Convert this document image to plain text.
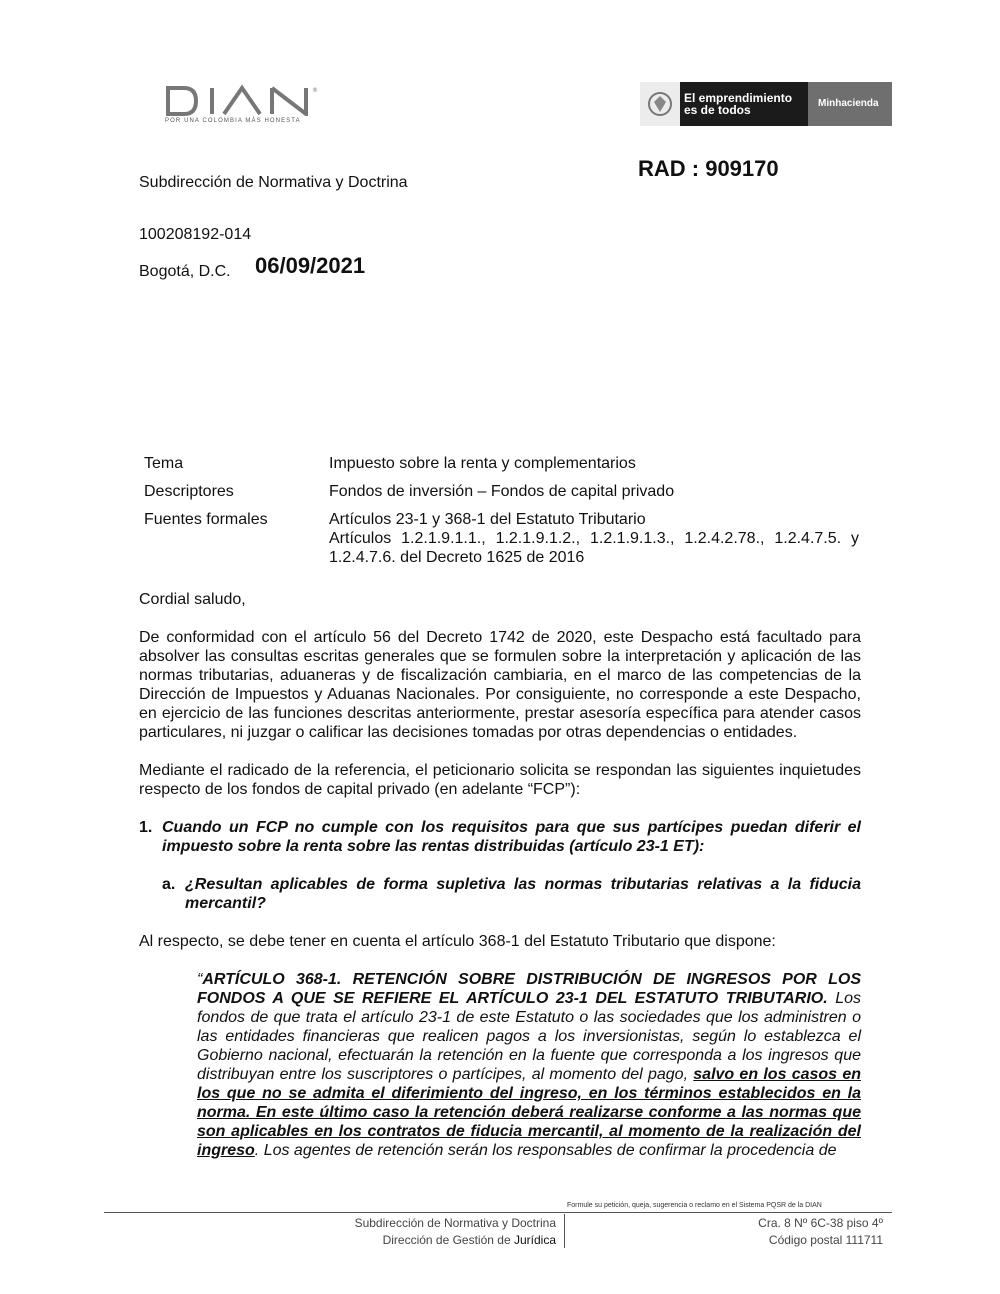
®
POR UNA COLOMBIA MÁS HONESTA
El emprendimiento
es de todos	Minhacienda
RAD : 909170
Subdirección de Normativa y Doctrina
100208192-014
Bogotá, D.C. 06/09/2021
Tema	Impuesto sobre la renta y complementarios
Descriptores	Fondos de inversión – Fondos de capital privado
Fuentes formales	Artículos 23-1 y 368-1 del Estatuto Tributario
Artículos 1.2.1.9.1.1., 1.2.1.9.1.2., 1.2.1.9.1.3., 1.2.4.2.78., 1.2.4.7.5. y 1.2.4.7.6. del Decreto 1625 de 2016

Cordial saludo,

De conformidad con el artículo 56 del Decreto 1742 de 2020, este Despacho está facultado para absolver las consultas escritas generales que se formulen sobre la interpretación y aplicación de las normas tributarias, aduaneras y de fiscalización cambiaria, en el marco de las competencias de la Dirección de Impuestos y Aduanas Nacionales. Por consiguiente, no corresponde a este Despacho, en ejercicio de las funciones descritas anteriormente, prestar asesoría específica para atender casos particulares, ni juzgar o calificar las decisiones tomadas por otras dependencias o entidades.

Mediante el radicado de la referencia, el peticionario solicita se respondan las siguientes inquietudes respecto de los fondos de capital privado (en adelante “FCP”):

1. Cuando un FCP no cumple con los requisitos para que sus partícipes puedan diferir el impuesto sobre la renta sobre las rentas distribuidas (artículo 23-1 ET):
a. ¿Resultan aplicables de forma supletiva las normas tributarias relativas a la fiducia mercantil?

Al respecto, se debe tener en cuenta el artículo 368-1 del Estatuto Tributario que dispone:

“ARTÍCULO 368-1. RETENCIÓN SOBRE DISTRIBUCIÓN DE INGRESOS POR LOS FONDOS A QUE SE REFIERE EL ARTÍCULO 23-1 DEL ESTATUTO TRIBUTARIO. Los fondos de que trata el artículo 23-1 de este Estatuto o las sociedades que los administren o las entidades financieras que realicen pagos a los inversionistas, según lo establezca el Gobierno nacional, efectuarán la retención en la fuente que corresponda a los ingresos que distribuyan entre los suscriptores o partícipes, al momento del pago, salvo en los casos en los que no se admita el diferimiento del ingreso, en los términos establecidos en la norma. En este último caso la retención deberá realizarse conforme a las normas que son aplicables en los contratos de fiducia mercantil, al momento de la realización del ingreso. Los agentes de retención serán los responsables de confirmar la procedencia de

Formule su petición, queja, sugerencia o reclamo en el Sistema PQSR de la DIAN
Subdirección de Normativa y Doctrina
Dirección de Gestión de Jurídica
Cra. 8 Nº 6C-38 piso 4º
Código postal 111711
